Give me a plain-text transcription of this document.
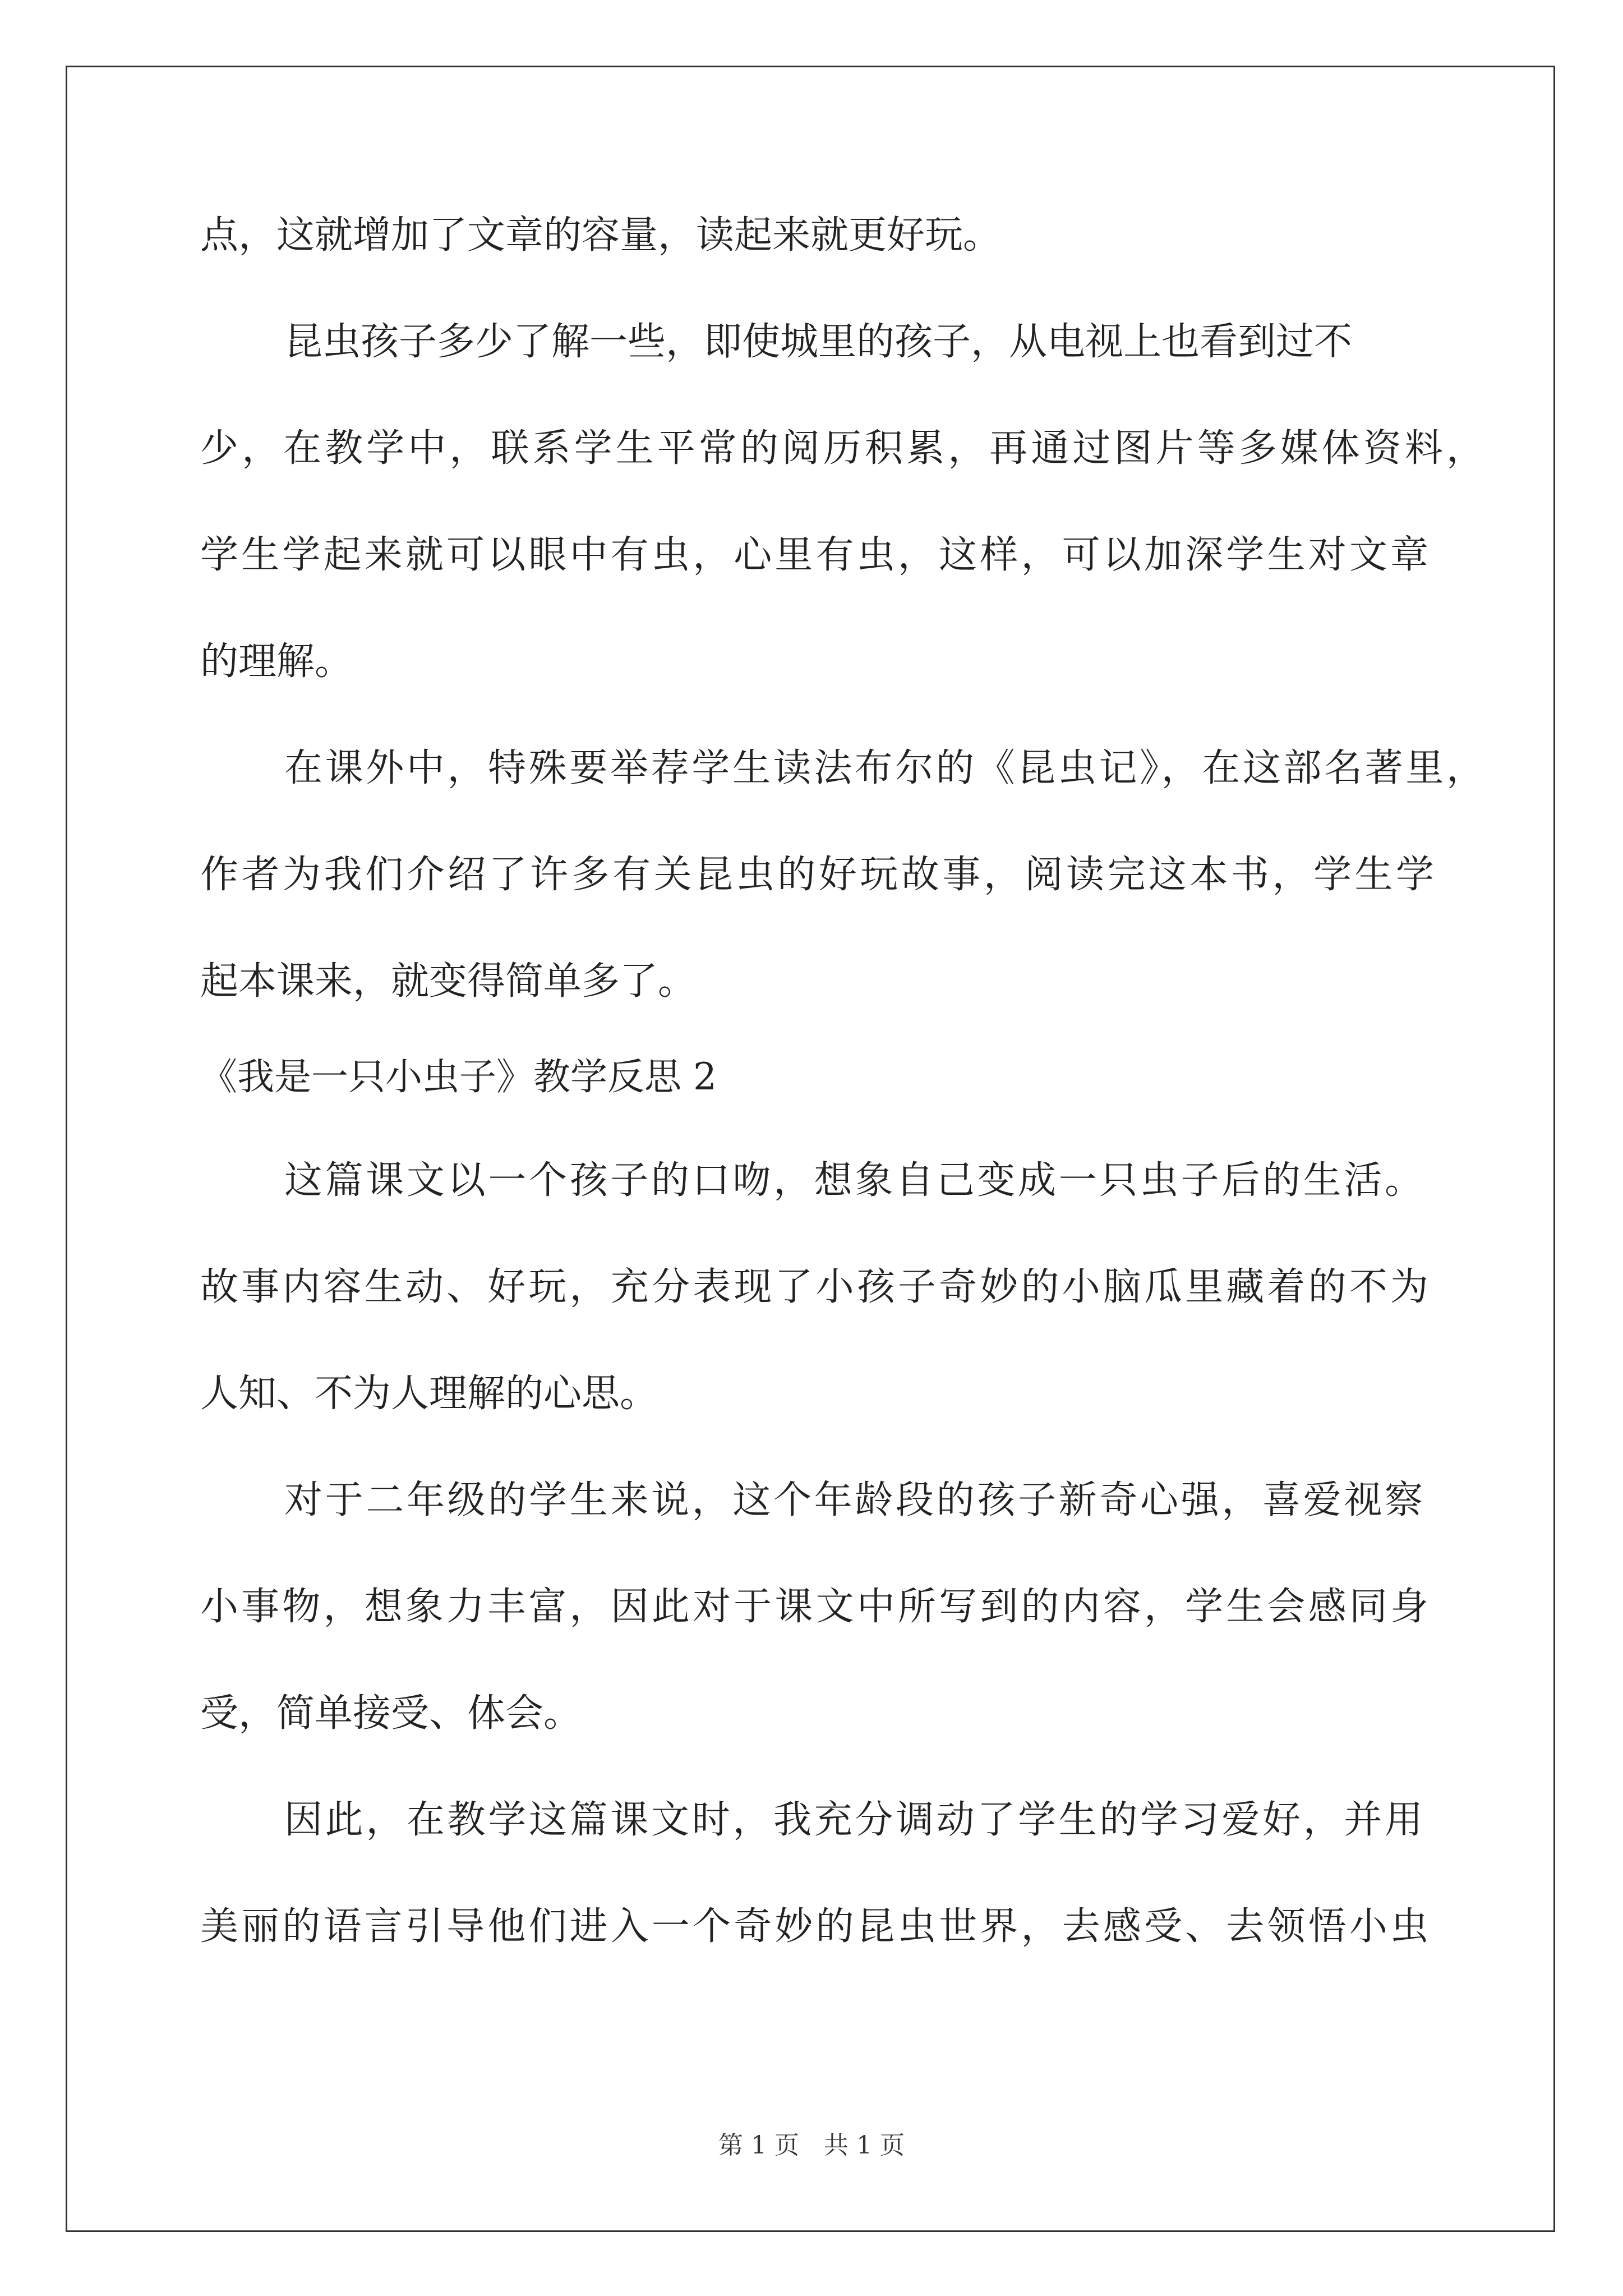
点，这就增加了文章的容量，读起来就更好玩。
昆虫孩子多少了解一些，即使城里的孩子，从电视上也看到过不
少，在教学中，联系学生平常的阅历积累，再通过图片等多媒体资料，
学生学起来就可以眼中有虫，心里有虫，这样，可以加深学生对文章
的理解。
在课外中，特殊要举荐学生读法布尔的《昆虫记》，在这部名著里，
作者为我们介绍了许多有关昆虫的好玩故事，阅读完这本书，学生学
起本课来，就变得简单多了。
《我是一只小虫子》教学反思 2
这篇课文以一个孩子的口吻，想象自己变成一只虫子后的生活。
故事内容生动、好玩，充分表现了小孩子奇妙的小脑瓜里藏着的不为
人知、不为人理解的心思。
对于二年级的学生来说，这个年龄段的孩子新奇心强，喜爱视察
小事物，想象力丰富，因此对于课文中所写到的内容，学生会感同身
受，简单接受、体会。
因此，在教学这篇课文时，我充分调动了学生的学习爱好，并用
美丽的语言引导他们进入一个奇妙的昆虫世界，去感受、去领悟小虫
第 1 页 共 1 页
